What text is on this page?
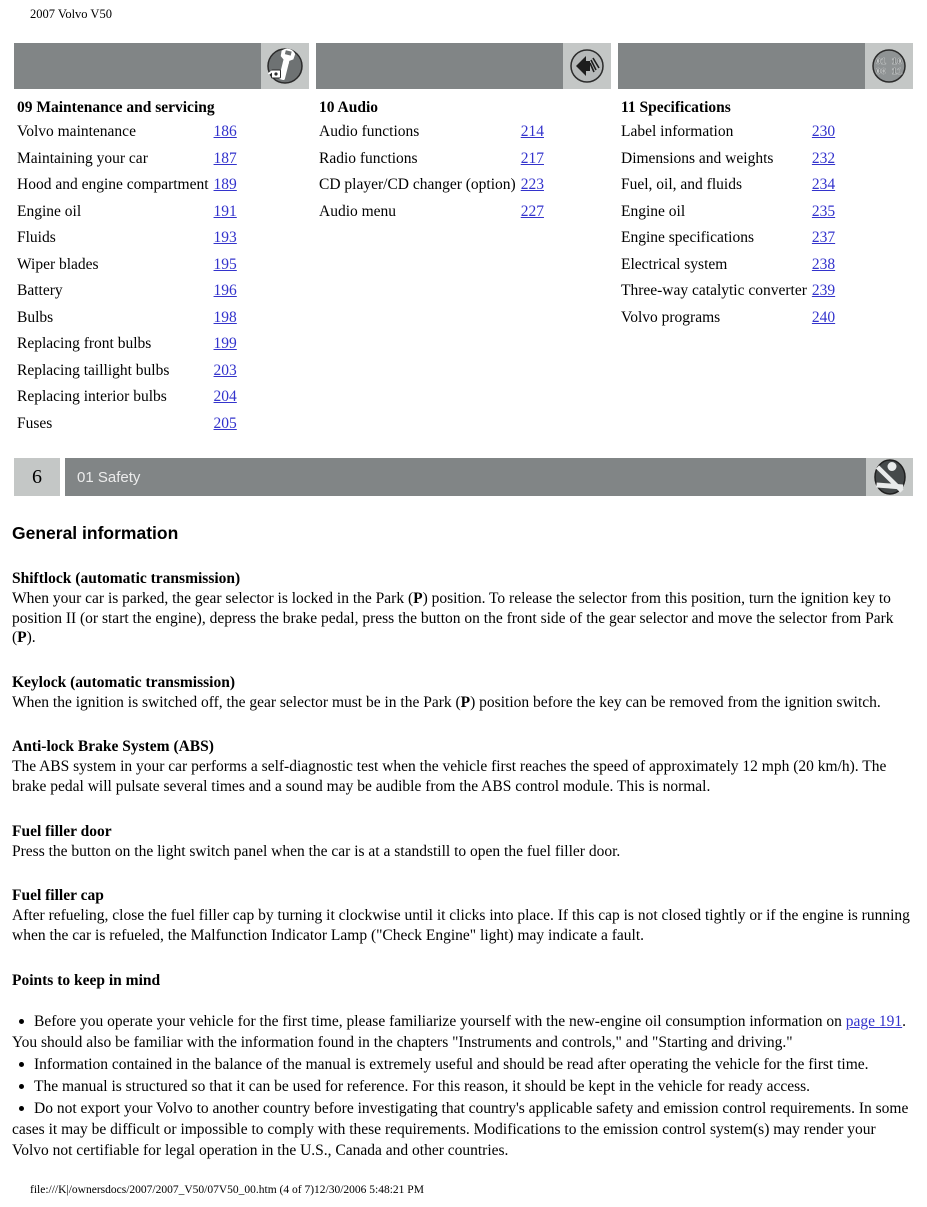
2007 Volvo V50
09 Maintenance and servicing
Volvo maintenance	186
Maintaining your car	187
Hood and engine compartment 189
Engine oil	191
Fluids	193
Wiper blades	195
Battery	196
Bulbs	198
Replacing front bulbs	199
Replacing taillight bulbs	203
Replacing interior bulbs	204
Fuses	205
10 Audio
Audio functions	214
Radio functions	217
CD player/CD changer (option) 223
Audio menu	227
01 10
00 11
11 Specifications
Label information	230
Dimensions and weights	232
Fuel, oil, and fluids	234
Engine oil	235
Engine specifications	237
Electrical system	238
Three-way catalytic converter 239
Volvo programs	240
6	01 Safety
General information

Shiftlock (automatic transmission)

When your car is parked, the gear selector is locked in the Park (P) position. To release the selector from this position, turn the ignition key to position II (or start the engine), depress the brake pedal, press the button on the front side of the gear selector and move the selector from Park (P).

Keylock (automatic transmission)

When the ignition is switched off, the gear selector must be in the Park (P) position before the key can be removed from the ignition switch.

Anti-lock Brake System (ABS)

The ABS system in your car performs a self-diagnostic test when the vehicle first reaches the speed of approximately 12 mph (20 km/h). The brake pedal will pulsate several times and a sound may be audible from the ABS control module. This is normal.

Fuel filler door

Press the button on the light switch panel when the car is at a standstill to open the fuel filler door.

Fuel filler cap

After refueling, close the fuel filler cap by turning it clockwise until it clicks into place. If this cap is not closed tightly or if the engine is running when the car is refueled, the Malfunction Indicator Lamp ("Check Engine" light) may indicate a fault.

Points to keep in mind

Before you operate your vehicle for the first time, please familiarize yourself with the new-engine oil consumption information on page 191. You should also be familiar with the information found in the chapters "Instruments and controls," and "Starting and driving."
Information contained in the balance of the manual is extremely useful and should be read after operating the vehicle for the first time.
The manual is structured so that it can be used for reference. For this reason, it should be kept in the vehicle for ready access.
Do not export your Volvo to another country before investigating that country's applicable safety and emission control requirements. In some cases it may be difficult or impossible to comply with these requirements. Modifications to the emission control system(s) may render your Volvo not certifiable for legal operation in the U.S., Canada and other countries.
file:///K|/ownersdocs/2007/2007_V50/07V50_00.htm (4 of 7)12/30/2006 5:48:21 PM
